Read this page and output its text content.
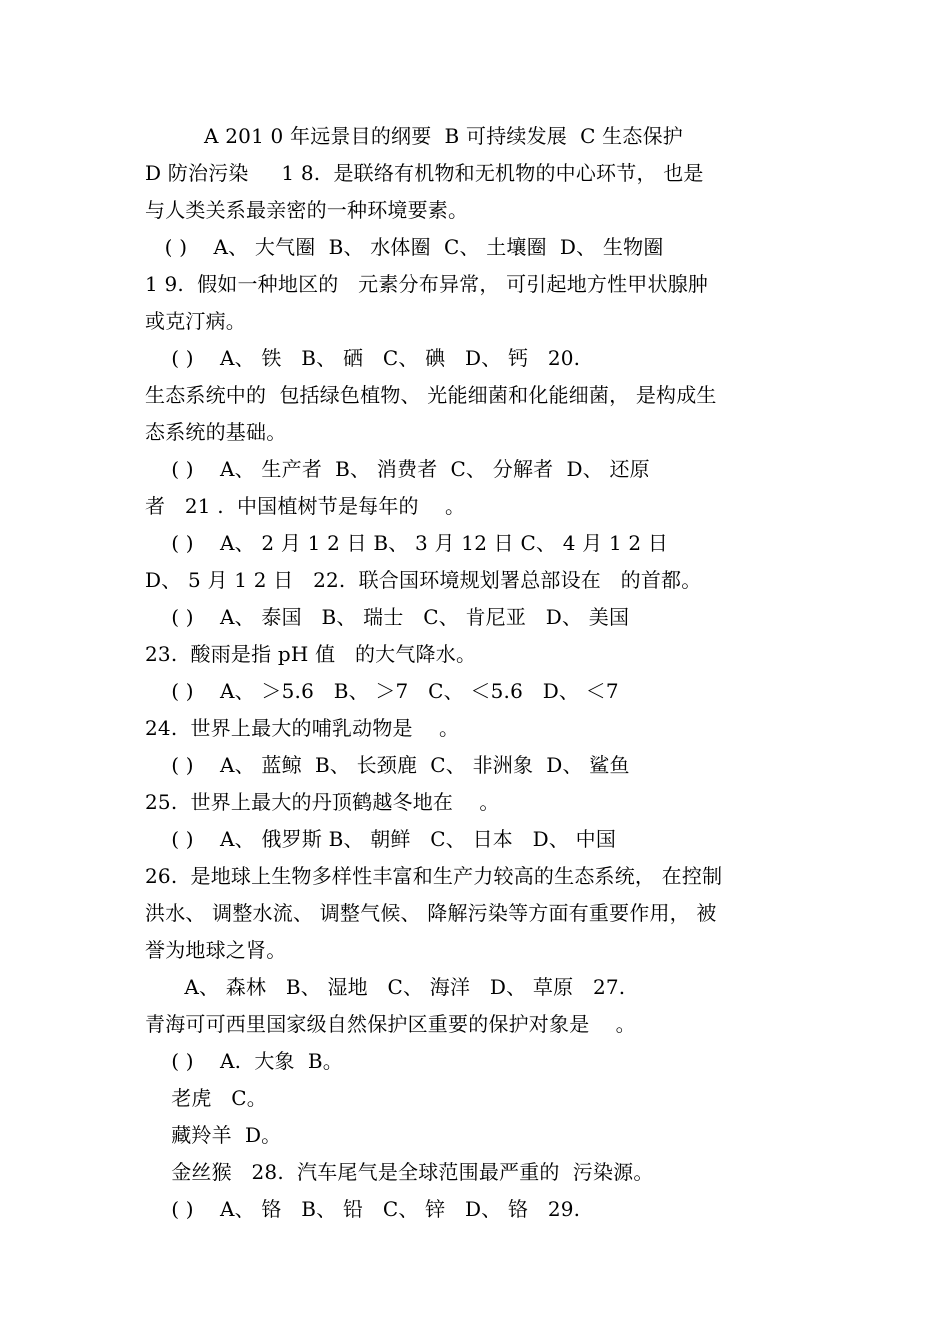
A 201 0 年远景目的纲要  B 可持续发展  C 生态保护
D 防治污染     1 8.  是联络有机物和无机物的中心环节， 也是
与人类关系最亲密的一种环境要素。
( )    A、 大气圈  B、 水体圈  C、 土壤圈  D、 生物圈
1 9.  假如一种地区的   元素分布异常， 可引起地方性甲状腺肿
或克汀病。
( )    A、 铁   B、 硒   C、 碘   D、 钙   20.
生态系统中的  包括绿色植物、 光能细菌和化能细菌， 是构成生
态系统的基础。
( )    A、 生产者  B、 消费者  C、 分解者  D、 还原
者   21 .  中国植树节是每年的    。
( )    A、 2 月 1 2 日 B、 3 月 12 日 C、 4 月 1 2 日
D、 5 月 1 2 日   22.  联合国环境规划署总部设在   的首都。
( )    A、 泰国   B、 瑞士   C、 肯尼亚   D、 美国
23.  酸雨是指 pH 值   的大气降水。
( )    A、 ＞5.6   B、 ＞7   C、 ＜5.6   D、 ＜7
24.  世界上最大的哺乳动物是    。
( )    A、 蓝鲸  B、 长颈鹿  C、 非洲象  D、 鲨鱼
25.  世界上最大的丹顶鹤越冬地在    。
( )    A、 俄罗斯 B、 朝鲜   C、 日本   D、 中国
26.  是地球上生物多样性丰富和生产力较高的生态系统， 在控制
洪水、 调整水流、 调整气候、 降解污染等方面有重要作用， 被
誉为地球之肾。
A、 森林   B、 湿地   C、 海洋   D、 草原   27.
青海可可西里国家级自然保护区重要的保护对象是    。
( )    A.  大象  B。
老虎   C。
藏羚羊  D。
金丝猴   28.  汽车尾气是全球范围最严重的  污染源。
( )    A、 铬   B、 铅   C、 锌   D、 铬   29.
